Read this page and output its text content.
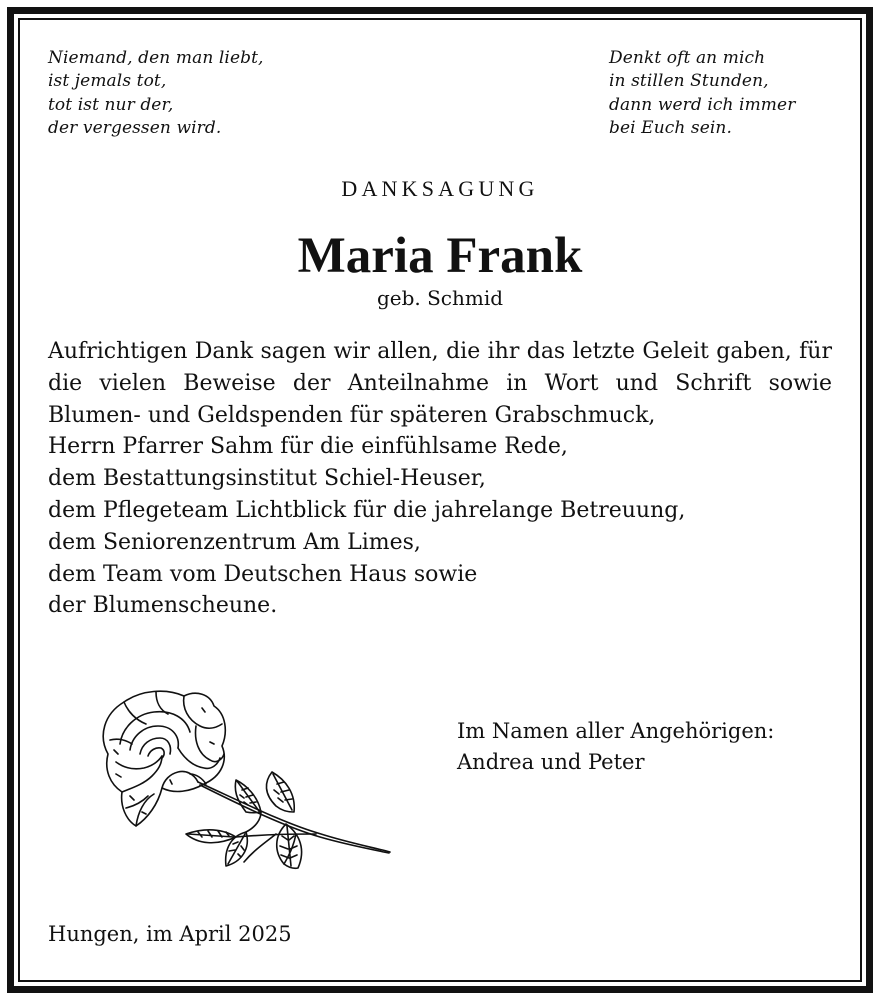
Niemand, den man liebt,
ist jemals tot,
tot ist nur der,
der vergessen wird.
Denkt oft an mich
in stillen Stunden,
dann werd ich immer
bei Euch sein.
DANKSAGUNG
Maria Frank
geb. Schmid
Aufrichtigen Dank sagen wir allen, die ihr das letzte Geleit gaben, für die vielen Beweise der Anteilnahme in Wort und Schrift sowie Blumen- und Geldspenden für späteren Grabschmuck,
Herrn Pfarrer Sahm für die einfühlsame Rede,
dem Bestattungsinstitut Schiel-Heuser,
dem Pflegeteam Lichtblick für die jahrelange Betreuung,
dem Seniorenzentrum Am Limes,
dem Team vom Deutschen Haus sowie
der Blumenscheune.
Im Namen aller Angehörigen:
Andrea und Peter
Hungen, im April 2025
